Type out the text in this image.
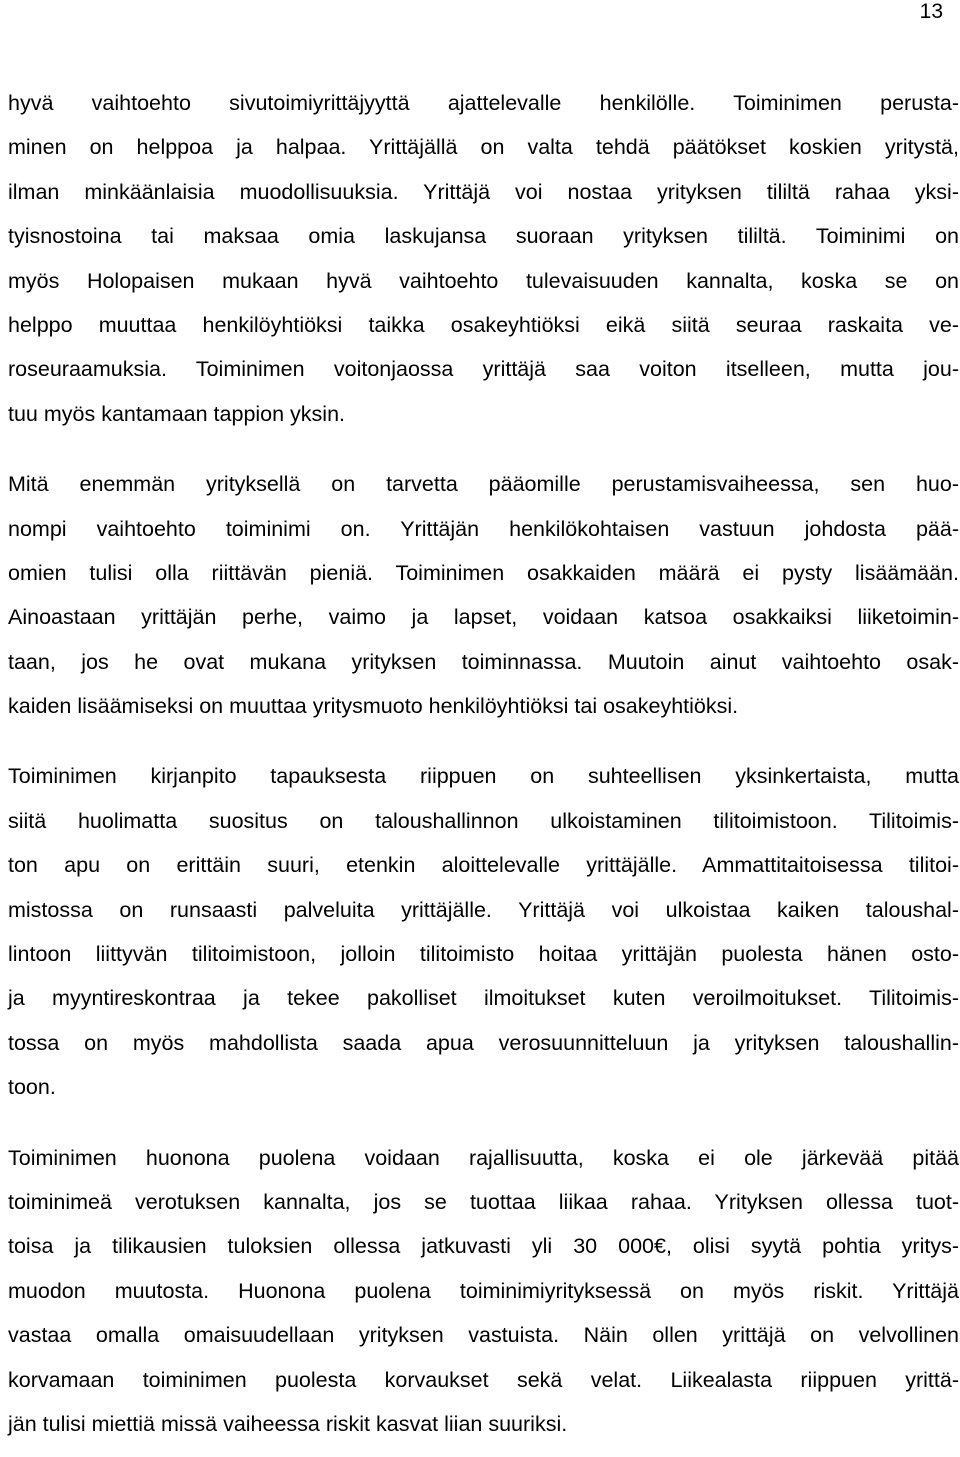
13
hyvä vaihtoehto sivutoimiyrittäjyyttä ajattelevalle henkilölle. Toiminimen perusta-
minen on helppoa ja halpaa. Yrittäjällä on valta tehdä päätökset koskien yritystä,
ilman minkäänlaisia muodollisuuksia. Yrittäjä voi nostaa yrityksen tililtä rahaa yksi-
tyisnostoina tai maksaa omia laskujansa suoraan yrityksen tililtä. Toiminimi on
myös Holopaisen mukaan hyvä vaihtoehto tulevaisuuden kannalta, koska se on
helppo muuttaa henkilöyhtiöksi taikka osakeyhtiöksi eikä siitä seuraa raskaita ve-
roseuraamuksia. Toiminimen voitonjaossa yrittäjä saa voiton itselleen, mutta jou-
tuu myös kantamaan tappion yksin.
Mitä enemmän yrityksellä on tarvetta pääomille perustamisvaiheessa, sen huo-
nompi vaihtoehto toiminimi on. Yrittäjän henkilökohtaisen vastuun johdosta pää-
omien tulisi olla riittävän pieniä. Toiminimen osakkaiden määrä ei pysty lisäämään.
Ainoastaan yrittäjän perhe, vaimo ja lapset, voidaan katsoa osakkaiksi liiketoimin-
taan, jos he ovat mukana yrityksen toiminnassa. Muutoin ainut vaihtoehto osak-
kaiden lisäämiseksi on muuttaa yritysmuoto henkilöyhtiöksi tai osakeyhtiöksi.
Toiminimen kirjanpito tapauksesta riippuen on suhteellisen yksinkertaista, mutta
siitä huolimatta suositus on taloushallinnon ulkoistaminen tilitoimistoon. Tilitoimis-
ton apu on erittäin suuri, etenkin aloittelevalle yrittäjälle. Ammattitaitoisessa tilitoi-
mistossa on runsaasti palveluita yrittäjälle. Yrittäjä voi ulkoistaa kaiken taloushal-
lintoon liittyvän tilitoimistoon, jolloin tilitoimisto hoitaa yrittäjän puolesta hänen osto-
ja myyntireskontraa ja tekee pakolliset ilmoitukset kuten veroilmoitukset. Tilitoimis-
tossa on myös mahdollista saada apua verosuunnitteluun ja yrityksen taloushallin-
toon.
Toiminimen huonona puolena voidaan rajallisuutta, koska ei ole järkevää pitää
toiminimeä verotuksen kannalta, jos se tuottaa liikaa rahaa. Yrityksen ollessa tuot-
toisa ja tilikausien tuloksien ollessa jatkuvasti yli 30 000€, olisi syytä pohtia yritys-
muodon muutosta. Huonona puolena toiminimiyrityksessä on myös riskit. Yrittäjä
vastaa omalla omaisuudellaan yrityksen vastuista. Näin ollen yrittäjä on velvollinen
korvamaan toiminimen puolesta korvaukset sekä velat. Liikealasta riippuen yrittä-
jän tulisi miettiä missä vaiheessa riskit kasvat liian suuriksi.
